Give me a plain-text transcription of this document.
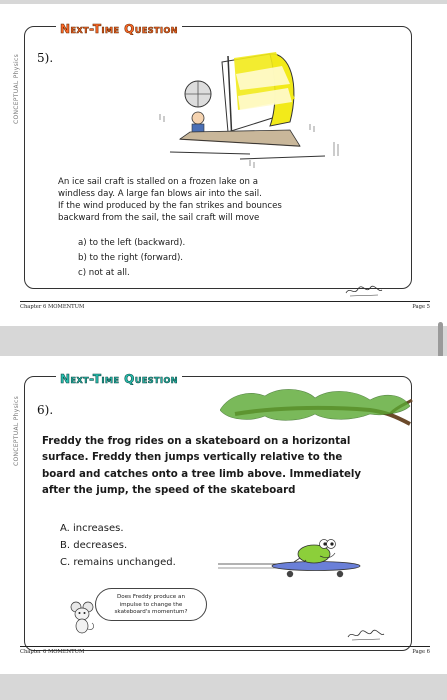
Next-Time Question
CONCEPTUAL Physics 5).
An ice sail craft is stalled on a frozen lake on a
windless day. A large fan blows air into the sail.
If the wind produced by the fan strikes and bounces
backward from the sail, the sail craft will move
a) to the left (backward).
b) to the right (forward).
c) not at all.
Chapter 6 MOMENTUM	Page 5
Next-Time Question
CONCEPTUAL Physics 6).
Freddy the frog rides on a skateboard on a horizontal
surface. Freddy then jumps vertically relative to the
board and catches onto a tree limb above. Immediately
after the jump, the speed of the skateboard
A. increases.
B. decreases.
C. remains unchanged.
Does Freddy produce an
impulse to change the
skateboard's momentum?
Chapter 6 MOMENTUM	Page 6
